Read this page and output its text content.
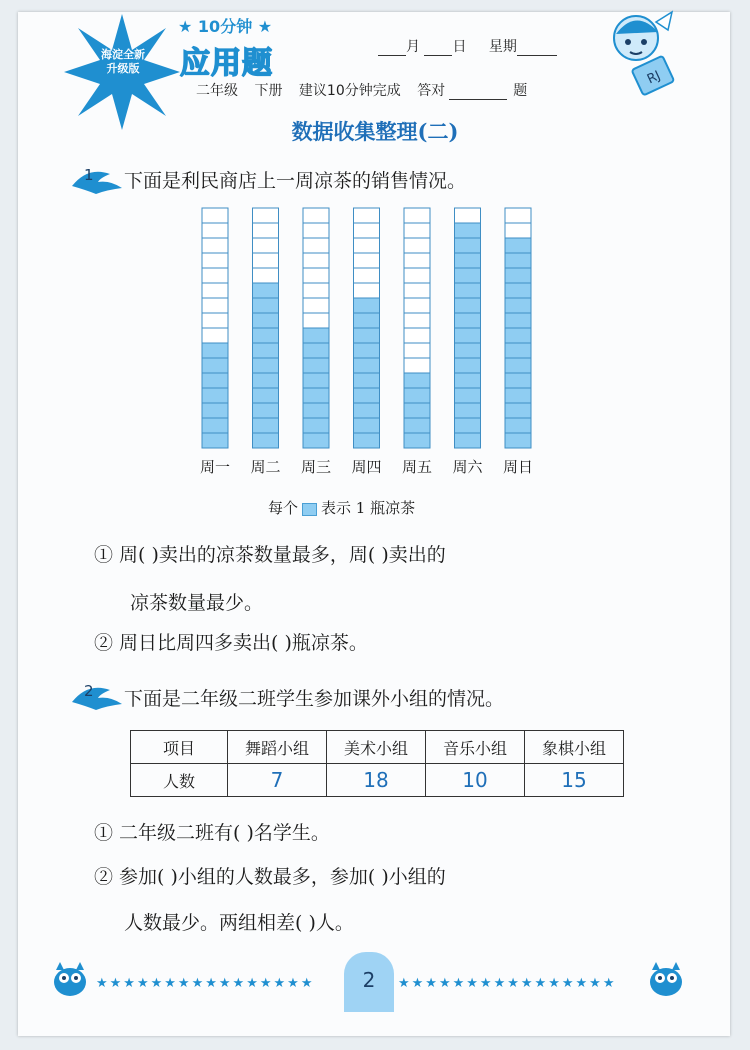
海淀全新
升级版
★ 10分钟 ★
应用题	月 日 星期
二年级 下册 建议10分钟完成 答对	题
RJ
数据收集整理(二)
1 下面是利民商店上一周凉茶的销售情况。
周一 周二 周三 周四 周五 周六 周日
每个 表示 1 瓶凉茶
① 周( )卖出的凉茶数量最多，周( )卖出的
凉茶数量最少。
② 周日比周四多卖出( )瓶凉茶。
2 下面是二年级二班学生参加课外小组的情况。
项目	舞蹈小组	美术小组	音乐小组	象棋小组
人数	7	18	10	15
① 二年级二班有( )名学生。
② 参加( )小组的人数最多，参加( )小组的
人数最少。两组相差( )人。
★★★★★★★★★★★★★★★★	2	★★★★★★★★★★★★★★★★
